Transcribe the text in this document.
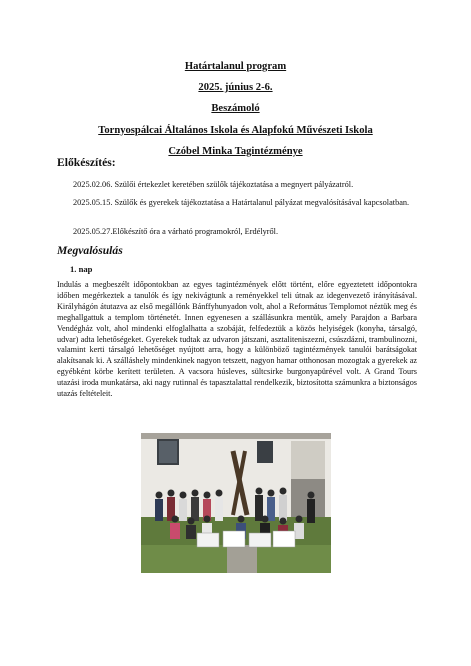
Határtalanul program
2025. június 2-6.
Beszámoló
Tornyospálcai Általános Iskola és Alapfokú Művészeti Iskola
Czóbel Minka Tagintézménye
Előkészítés:
2025.02.06. Szülői értekezlet keretében szülők tájékoztatása a megnyert pályázatról.
2025.05.15. Szülők és gyerekek tájékoztatása a Határtalanul pályázat megvalósításával kapcsolatban.
2025.05.27.Előkészítő óra a várható programokról, Erdélyről.
Megvalósulás
1. nap
Indulás a megbeszélt időpontokban az egyes tagintézmények előtt történt, előre egyeztetett időpontokra időben megérkeztek a tanulók és így nekivágtunk a reményekkel teli útnak az idegenvezető irányításával. Királyhágón átutazva az első megállónk Bánffyhunyadon volt, ahol a Református Templomot néztük meg és meghallgattuk a templom történetét. Innen egyenesen a szállásunkra mentük, amely Parajdon a Barbara Vendégház volt, ahol mindenki elfoglalhatta a szobáját, felfedeztük a közös helyiségek (konyha, társalgó, udvar) adta lehetőségeket. Gyerekek tudtak az udvaron játszani, asztaliteniszezni, csúszdázni, trambulinozni, valamint kerti társalgó lehetőséget nyújtott arra, hogy a különböző tagintézmények tanulói barátságokat alakítsanak ki. A szálláshely mindenkinek nagyon tetszett, nagyon hamar otthonosan mozogtak a gyerekek az egyébként körbe kerített területen. A vacsora húsleves, sültcsirke burgonyapürével volt. A Grand Tours utazási iroda munkatársa, aki nagy rutinnal és tapasztalattal rendelkezik, biztosította számunkra a biztonságos utazás feltételeit.
